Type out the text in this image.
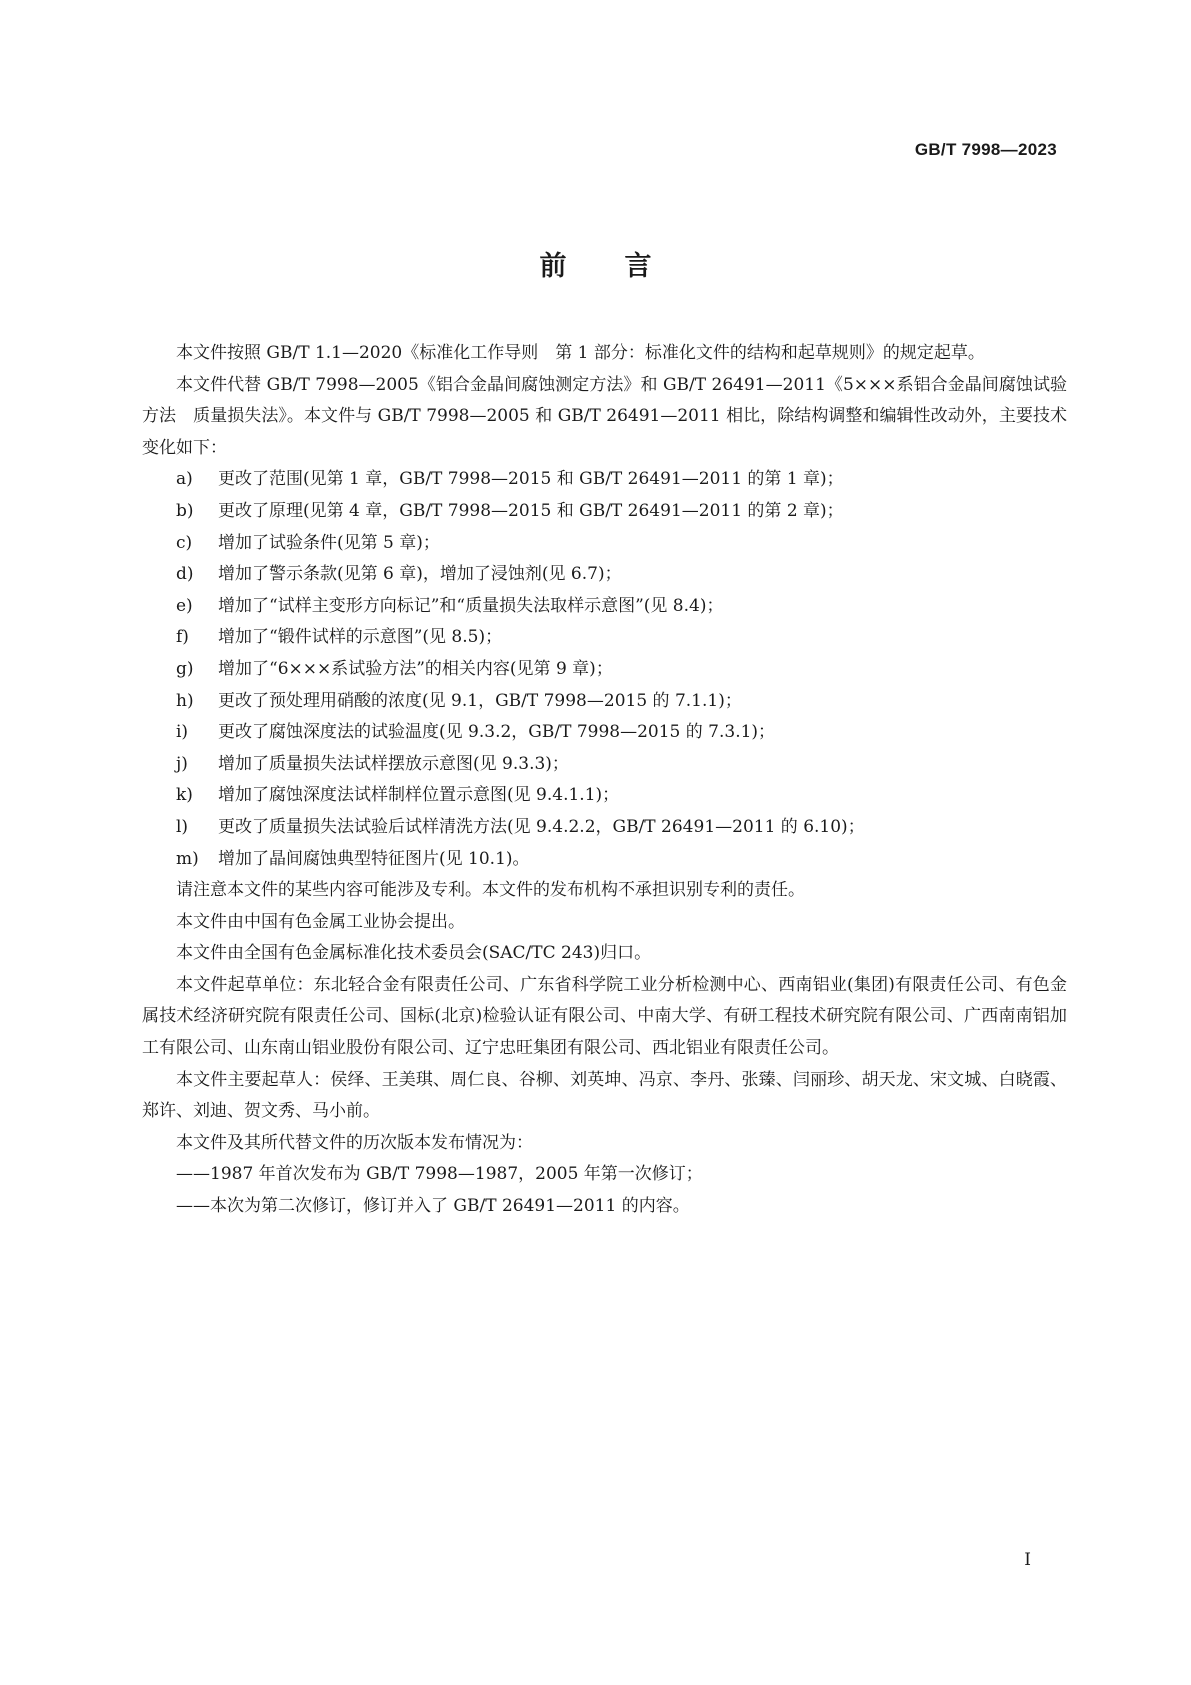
GB/T 7998—2023
前 言

本文件按照 GB/T 1.1—2020《标准化工作导则　第 1 部分：标准化文件的结构和起草规则》的规定起草。

本文件代替 GB/T 7998—2005《铝合金晶间腐蚀测定方法》和 GB/T 26491—2011《5×××系铝合金晶间腐蚀试验方法　质量损失法》。本文件与 GB/T 7998—2005 和 GB/T 26491—2011 相比，除结构调整和编辑性改动外，主要技术变化如下：

a) 更改了范围(见第 1 章，GB/T 7998—2015 和 GB/T 26491—2011 的第 1 章)；

b) 更改了原理(见第 4 章，GB/T 7998—2015 和 GB/T 26491—2011 的第 2 章)；

c) 增加了试验条件(见第 5 章)；

d) 增加了警示条款(见第 6 章)，增加了浸蚀剂(见 6.7)；

e) 增加了“试样主变形方向标记”和“质量损失法取样示意图”(见 8.4)；

f) 增加了“锻件试样的示意图”(见 8.5)；

g) 增加了“6×××系试验方法”的相关内容(见第 9 章)；

h) 更改了预处理用硝酸的浓度(见 9.1，GB/T 7998—2015 的 7.1.1)；

i) 更改了腐蚀深度法的试验温度(见 9.3.2，GB/T 7998—2015 的 7.3.1)；

j) 增加了质量损失法试样摆放示意图(见 9.3.3)；

k) 增加了腐蚀深度法试样制样位置示意图(见 9.4.1.1)；

l) 更改了质量损失法试验后试样清洗方法(见 9.4.2.2，GB/T 26491—2011 的 6.10)；

m) 增加了晶间腐蚀典型特征图片(见 10.1)。

请注意本文件的某些内容可能涉及专利。本文件的发布机构不承担识别专利的责任。

本文件由中国有色金属工业协会提出。

本文件由全国有色金属标准化技术委员会(SAC/TC 243)归口。

本文件起草单位：东北轻合金有限责任公司、广东省科学院工业分析检测中心、西南铝业(集团)有限责任公司、有色金属技术经济研究院有限责任公司、国标(北京)检验认证有限公司、中南大学、有研工程技术研究院有限公司、广西南南铝加工有限公司、山东南山铝业股份有限公司、辽宁忠旺集团有限公司、西北铝业有限责任公司。

本文件主要起草人：侯绎、王美琪、周仁良、谷柳、刘英坤、冯京、李丹、张臻、闫丽珍、胡天龙、宋文城、白晓霞、郑许、刘迪、贺文秀、马小前。

本文件及其所代替文件的历次版本发布情况为：

——1987 年首次发布为 GB/T 7998—1987，2005 年第一次修订；

——本次为第二次修订，修订并入了 GB/T 26491—2011 的内容。

I
